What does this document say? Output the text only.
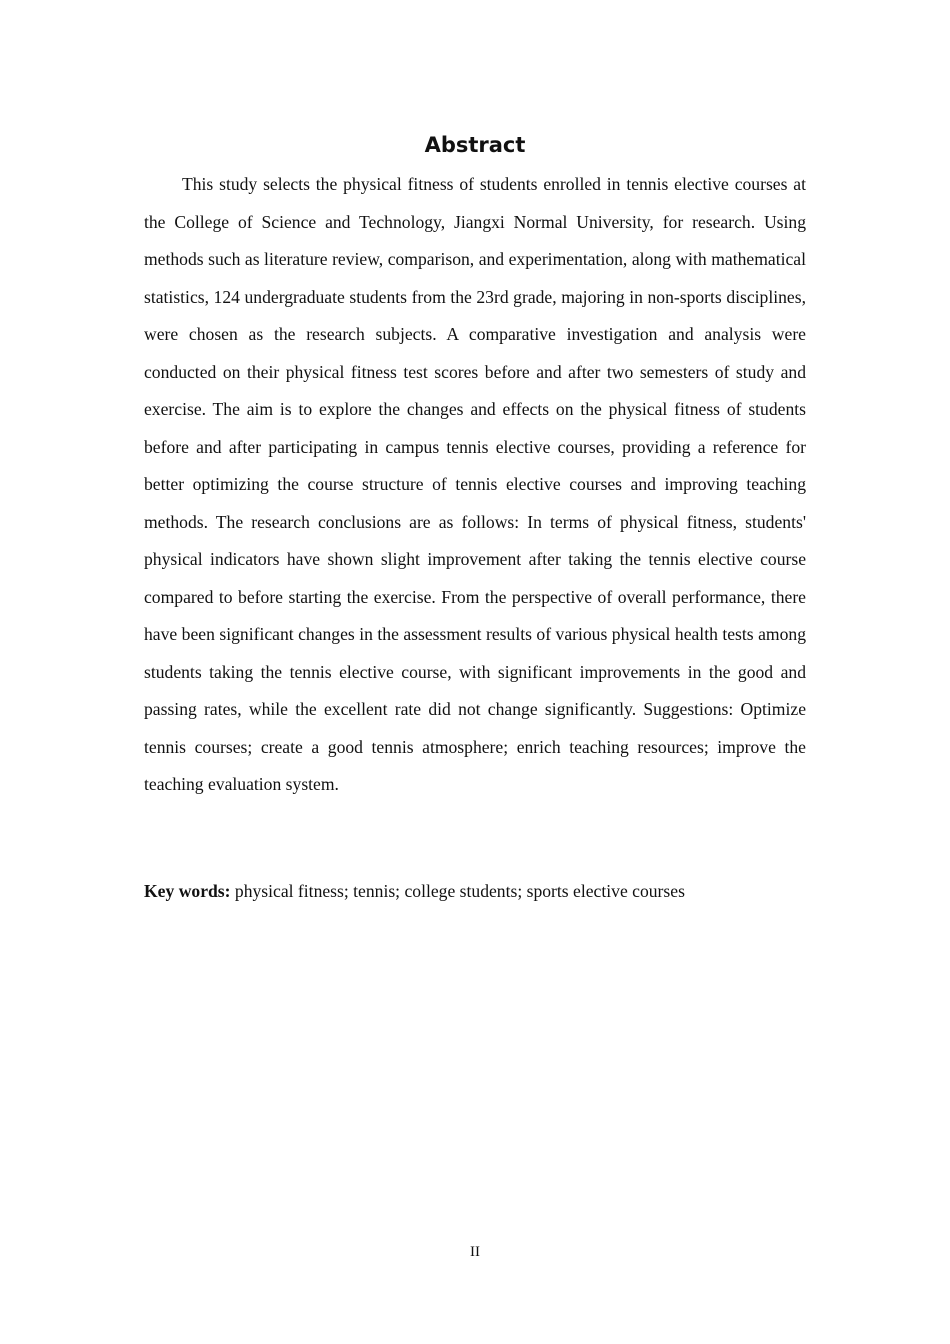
Abstract

This study selects the physical fitness of students enrolled in tennis elective courses at the College of Science and Technology, Jiangxi Normal University, for research. Using methods such as literature review, comparison, and experimentation, along with mathematical statistics, 124 undergraduate students from the 23rd grade, majoring in non-sports disciplines, were chosen as the research subjects. A comparative investigation and analysis were conducted on their physical fitness test scores before and after two semesters of study and exercise. The aim is to explore the changes and effects on the physical fitness of students before and after participating in campus tennis elective courses, providing a reference for better optimizing the course structure of tennis elective courses and improving teaching methods. The research conclusions are as follows: In terms of physical fitness, students' physical indicators have shown slight improvement after taking the tennis elective course compared to before starting the exercise. From the perspective of overall performance, there have been significant changes in the assessment results of various physical health tests among students taking the tennis elective course, with significant improvements in the good and passing rates, while the excellent rate did not change significantly. Suggestions: Optimize tennis courses; create a good tennis atmosphere; enrich teaching resources; improve the teaching evaluation system.

Key words: physical fitness; tennis; college students; sports elective courses

II
